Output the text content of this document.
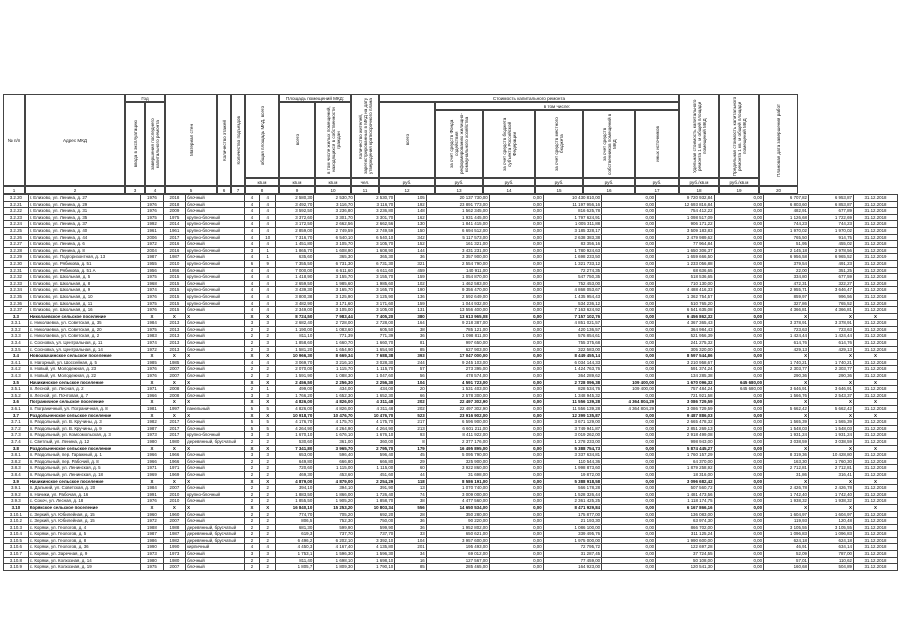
№ п/п	Адрес МКД
Год
ввода в эксплуатацию	завершения последнего капитального ремонта	Материал стен	Количество этажей Количество подъездов	общая площадь МКД, всего
Площадь помещений МКД:
всего	в том числе жилых помещений, находящихся в собственности граждан	Количество жителей, зарегистрированных в МКД на дату утверждения краткосрочного плана
Стоимость капитального ремонта
всего
в том числе:
за счет средств Фонда содействия реформированию жилищно-коммунального хозяйства	за счет средств бюджета субъекта Российской Федерации	за счет средств местного бюджета	за счет средств собственников помещений в МКД	иных источников	Удельная стоимость капитального ремонта 1 кв. м общей площади помещений МКД	Предельная стоимость капитального ремонта 1 кв. м общей площади помещений МКД	Плановая дата завершения работ
кв.м	кв.м	кв.м	чел.	руб.	руб.	руб.	руб.	руб.	руб.	руб./кв.м	руб./кв.м
1	2	3	4	5	6 7	8	9	10	11	12	13	14	15	16	17	18	19	20
3.2.20	г. Елизово, ул. Ленина, д. 27	1976	2018	блочный	4	4	2 580,30	2 530,70	2 530,70	105	20 137 730,00	0,00	10 430 810,00	0,00	9 720 932,84	0,00	6 707,82	6 953,87	31.12.2018
3.2.21	г. Елизово, ул. Ленина, д. 29	1976	2018	блочный	4	4	3 492,70	3 116,70	3 116,70	192	23 891 773,00	0,00	11 197 956,16	0,00	12 693 816,84	0,00	6 803,60	6 853,87	31.12.2018
3.2.22	г. Елизово, ул. Ленина, д. 31	1976	2009	блочный	4	4	3 592,50	3 236,80	3 236,80	148	1 562 345,00	0,00	816 625,78	0,00	754 412,22	0,00	482,91	677,89	31.12.2018
3.2.23	г. Елизово, ул. Ленина, д. 35	1975	1975	крупно-блочный	4	4	3 372,60	3 301,70	3 301,70	162	1 931 445,00	0,00	1 797 624,91	0,00	1 098 517,09	0,00	1 126,68	1 722,69	31.12.2018
3.2.24	г. Елизово, ул. Ленина, д. 37	1992	2014	крупно-блочный	4	4	3 172,50	2 662,56	2 662,56	130	1 841 415,00	0,00	1 005 311,88	0,00	906 171,22	0,00	744,23	744,23	31.12.2018
3.2.25	г. Елизово, ул. Ленина, д. 40	1961	1961	крупно-блочный	4	4	2 859,00	2 749,59	2 749,59	150	6 694 512,00	0,00	3 185 328,17	0,00	3 509 183,83	0,00	1 970,02	1 970,02	31.12.2018
3.2.26	г. Елизово, ул. Ленина, д. 44	2006	2017	крупно-блочный	4	10	7 316,70	6 540,10	6 540,10	342	5 117 573,00	0,00	2 638 383,38	0,00	2 479 989,62	0,00	765,50	914,75	31.12.2018
3.2.27	г. Елизово, ул. Ленина, д. 6	1972	2016	блочный	4	4	1 451,80	3 105,70	3 105,70	152	161 321,00	0,00	83 356,16	0,00	77 964,84	0,00	51,95	455,02	31.12.2018
3.2.28	г. Елизово, ул. Ленина, д. 8	2004	2016	крупно-блочный	3	1	1 865,70	1 608,90	1 608,90	144	3 431 231,00	0,00	1 780 924,63	0,00	1 650 306,37	0,00	2 145,18	2 978,56	31.12.2018
3.2.29	г. Елизово, ул. Подгоризонтная, д. 13	1987	1987	блочный	4	1	635,60	365,30	365,30	36	3 357 900,00	0,00	1 698 233,50	0,00	1 659 666,50	0,00	6 956,58	6 965,52	31.12.2019
3.2.30	г. Елизово, ул. Рябикова, д. 51	1955	2010	крупно-блочный	6	9	7 355,50	6 731,30	6 731,30	321	2 554 790,00	0,00	1 321 733,12	0,00	1 233 056,88	0,00	379,54	491,23	31.12.2018
3.2.31	г. Елизово, ул. Рябикова, д. 51 А	1956	1956	блочный	4	4	7 000,00	6 611,60	6 611,60	459	140 911,00	0,00	72 274,35	0,00	68 636,65	0,00	22,00	351,25	31.12.2018
3.2.32	г. Елизово, ул. Школьная, д. 5	1975	2015	крупно-блочный	4	4	1 418,90	3 155,70	3 155,70	159	1 054 870,00	0,00	547 750,35	0,00	518 536,65	0,00	334,80	677,59	31.12.2018
3.2.33	г. Елизово, ул. Школьная, д. 8	1968	2015	блочный	4	4	2 659,50	1 985,60	1 985,60	102	1 462 583,00	0,00	752 453,00	0,00	710 130,00	0,00	472,31	322,27	31.12.2018
3.2.34	г. Елизово, ул. Школьная, д. 9	1974	2015	крупно-блочный	4	4	3 439,30	3 165,70	3 165,70	190	9 356 470,00	0,00	4 868 053,67	0,00	4 488 416,33	0,00	2 955,71	3 646,47	31.12.2018
3.2.35	г. Елизово, ул. Школьная, д. 10	1976	2015	крупно-блочный	4	4	3 800,38	3 125,90	3 125,90	136	2 592 649,00	0,00	1 435 954,43	0,00	1 362 754,57	0,00	859,97	996,56	31.12.2018
3.2.36	г. Елизово, ул. Школьная, д. 11	1975	2015	крупно-блочный	4	4	3 482,90	3 171,60	3 171,60	159	1 044 932,00	0,00	534 236,12	0,00	510 765,20	0,00	327,86	765,52	31.12.2018
3.2.37	г. Елизово, ул. Школьная, д. 16	1976	2015	блочный	4	4	2 349,00	3 105,00	3 105,00	131	13 556 400,00	0,00	7 163 624,92	0,00	6 541 635,08	0,00	4 366,81	4 366,81	31.12.2018
3.3	Николаевское сельское поселение	X	X	X	X	X	8 724,50	7 983,44	7 405,20	380	13 613 965,08	0,00	7 157 102,76	0,00	6 456 862,32	0,00	X	X	X
3.3.1	с. Николаевка, ул. Советская, д. 35	1984	2013	блочный	3	3	2 682,40	2 728,00	2 728,00	164	9 218 387,00	0,00	4 851 021,57	0,00	4 367 365,43	0,00	3 378,91	3 378,91	31.12.2018
3.3.2	с. Николаевка, ул. Советская, д. 20	1975	2013	блочный	2	2	1 190,00	1 083,60	605,50	38	785 121,00	0,00	420 136,57	0,00	364 984,43	0,00	723,63	723,63	31.12.2018
3.3.3	с. Николаевка, ул. Советская, д. 2	1983	2013	блочный	2	2	811,10	771,39	771,39	36	1 098 811,00	0,00	576 854,61	0,00	521 956,39	0,00	1 424,44	1 424,44	31.12.2018
3.3.4	с. Сосновка, ул. Центральная, д. 11	1974	2013	блочный	2	3	1 858,60	1 660,70	1 660,70	81	997 650,00	0,00	755 375,68	0,00	241 275,32	0,00	614,76	614,76	31.12.2018
3.3.5	с. Сосновка, ул. Центральная, д. 14	1972	2013	блочный	2	3	1 581,20	1 654,90	1 654,90	85	627 903,00	0,00	322 583,00	0,00	305 320,00	0,00	429,13	429,13	31.12.2018
3.4	Новоавачинское сельское поселение	X	X	X	X	X	10 966,30	8 669,34	7 688,38	393	17 047 000,00	0,00	8 449 455,14	0,00	8 597 544,86	0,00	X	X	X
3.4.1	п. Нагорный, ул. Шоссейная, д. 5	1985	1985	блочный	4	4	3 069,70	3 216,10	3 028,30	244	9 245 103,00	0,00	6 034 144,33	0,00	3 210 958,67	0,00	1 740,21	1 740,21	31.12.2018
3.4.2	п. Новый, ул. Молодежная, д. 23	1976	2007	блочный	2	2	2 070,00	1 115,70	1 115,70	57	273 395,00	0,00	1 424 763,76	0,00	591 374,24	0,00	2 303,77	2 303,77	31.12.2018
3.4.3	п. Новый, ул. Молодежная, д. 22	1976	2007	блочный	2	2	1 591,90	1 088,30	1 047,60	56	478 574,00	0,00	364 289,62	0,00	134 285,38	0,00	290,36	290,36	31.12.2018
3.5	Начикинское сельское поселение	X	X	X	X	X	2 456,50	2 256,30	2 256,30	104	4 591 723,00	0,00	2 728 096,38	109 400,00	1 670 096,32	645 680,00	X	X	X
3.5.1	п. Лесной, ул. Лесная, д. 2	1971	2008	блочный	2	1	499,00	434,00	434,00	20	1 531 403,00	0,00	828 534,76	109 400,00	757 484,24	645 680,00	3 646,91	3 646,91	31.12.2018
3.5.2	п. Лесной, ул. Почтовая, д. 7	1966	2008	блочный	3	3	1 766,20	1 652,30	1 652,30	66	2 578 300,00	0,00	1 348 945,32	0,00	721 921,58	0,00	1 566,76	2 543,37	31.12.2018
3.6	Пограничное сельское поселение	X	X	X	X	X	4 826,00	4 826,00	4 311,48	202	22 497 302,90	0,00	11 556 139,28	4 364 804,29	3 086 729,59	0,00	X	X	X
3.6.1	п. Пограничный, ул. Пограничная, д. 8	1981	1997	панельный	5	5	4 826,00	4 826,00	4 311,48	202	22 497 302,90	0,00	11 556 139,28	4 364 804,29	3 086 729,59	0,00	5 662,42	5 662,42	31.12.2018
3.7	Раздольненское сельское поселение	X	X	X	X	X	10 918,70	10 476,70	10 476,70	523	23 916 902,00	0,00	12 399 135,87	0,00	9 487 886,03	0,00	X	X	X
3.7.1	п. Раздольный, ул. В. Кручины, д. 3	1982	2017	блочный	5	5	4 176,70	4 175,70	4 175,70	217	6 596 900,00	0,00	3 671 129,00	0,00	2 665 478,32	0,00	1 565,39	1 565,39	31.12.2018
3.7.2	п. Раздольный, ул. В. Кручины, д. 9	1987	2017	блочный	5	5	4 264,90	4 264,90	4 264,90	213	6 601 211,00	0,00	3 749 941,87	0,00	2 851 269,13	0,00	1 548,03	1 548,03	31.12.2018
3.7.3	п. Раздольный, ул. Комсомольская, д. 3	1973	2017	крупно-блочный	3	3	1 670,10	1 676,10	1 676,10	93	8 411 922,00	0,00	3 019 262,00	0,00	2 918 499,08	0,00	1 931,24	1 931,24	31.12.2018
3.7.4	с. Светлый, ул. Ленина, д. 12	1980	1980	деревянный, брусчатый	2	2	530,60	361,00	360,00	8	2 377 176,00	0,00	1 278 233,00	0,00	998 943,00	0,00	3 038,59	3 038,59	31.12.2018
3.8	Раздольненское сельское поселение	X	X	X	X	X	7 341,80	3 965,70	2 795,70	179	16 495 895,00	0,00	5 388 754,73	0,00	5 874 445,27	0,00	X	X	X
3.8.1	п. Раздольный, пер. Гаражный, д. 1	1966	1966	блочный	3	3	653,00	596,40	596,40	45	5 095 790,00	0,00	3 337 634,81	0,00	1 760 157,29	0,00	8 319,36	10 428,80	31.12.2018
3.8.2	п. Раздольный, пер. Рабочий, д. 8	1966	1966	блочный	2	2	649,80	666,80	666,80	29	325 900,00	0,00	110 544,36	0,00	64 370,00	0,00	163,30	1 760,30	31.12.2018
3.8.3	п. Раздольный, ул. Ленинская, д. 5	1971	1971	блочный	2	2	720,60	1 115,00	1 115,00	60	3 922 860,00	0,00	1 998 873,60	0,00	1 879 258,92	0,00	2 712,81	2 712,81	31.12.2018
3.8.4	п. Раздольный, ул. Ленинская, д. 18	1969	1969	блочный	2	2	469,30	453,60	451,60	44	31 698,00	0,00	19 872,00	0,00	18 316,00	0,00	31,86	316,41	31.12.2018
3.9	Начикинское сельское поселение	X	X	X	X	X	4 879,00	4 879,00	2 254,29	118	8 586 191,00	0,00	5 388 918,58	0,00	3 096 682,42	0,00	X	X	X
3.9.1	п. Дальний, ул. Советская, д. 20	1984	2007	блочный	2	2	394,10	394,10	391,90	13	1 070 740,00	0,00	566 178,28	0,00	507 560,72	0,00	2 426,78	2 426,78	31.12.2018
3.9.2	п. Начики, ул. Рабочая, д. 16	1991	2010	крупно-блочный	2	2	1 883,50	1 866,00	1 726,40	74	3 009 000,00	0,00	1 528 326,44	0,00	1 481 473,56	0,00	1 742,40	1 742,40	31.12.2018
3.9.3	с. Сокоч, ул. Лесная, д. 18	1976	2010	блочный	2	2	1 855,50	1 905,20	1 858,70	38	4 477 560,00	0,00	2 361 425,25	0,00	1 118 174,75	0,00	1 938,32	1 938,32	31.12.2018
3.10	Корякское сельское поселение	X	X	X	X	X	16 840,10	15 253,20	10 803,34	556	14 650 534,00	0,00	8 471 929,84	0,00	6 167 866,16	0,00	X	X	X
3.10.1	с. Зеркий, ул. Юбилейная, д. 15	1960	1960	блочный	2	2	774,70	705,20	692,20	28	350 280,00	0,00	175 877,00	0,00	136 083,00	0,00	1 604,97	1 604,97	31.12.2018
3.10.2	с. Зеркий, ул. Юбилейная, д. 15	1972	2007	блочный	2	2	806,5	752,30	750,00	36	90 220,00	0,00	21 193,30	0,00	63 974,30	0,00	119,93	120,48	31.12.2018
3.10.3	с. Коряки, ул. Геологов, д. 4	1988	1988	деревянный, брусчатый	2	2	681,30	599,90	599,90	36	1 952 802,00	0,00	1 086 100,00	0,00	866 702,00	0,00	3 105,55	3 105,55	31.12.2018
3.10.4	с. Коряки, ул. Геологов, д. 5	1987	1987	деревянный, брусчатый	2	2	619,3	737,70	737,70	33	650 621,00	0,00	339 495,76	0,00	311 125,24	0,00	1 096,83	1 096,83	31.12.2018
3.10.5	с. Коряки, ул. Геологов, д. 8	1986	1982	деревянный, брусчатый	2	2	6 496,2	6 202,10	3 392,10	104	3 957 600,00	0,00	1 975 000,00	0,00	1 990 600,00	0,00	624,18	624,18	31.12.2018
3.10.6	с. Коряки, ул. Геологов, д. 36	1990	1990	кирпичный	4	4	4 450,3	4 167,40	4 135,80	201	195 493,00	0,00	72 795,72	0,00	122 697,28	0,00	46,91	634,14	31.12.2018
3.10.7	с. Коряки, ул. Заречная, д. 9	1973	1973	блочный	3	3	1 753,1	1 596,30	1 596,30	34	69 012,00	0,00	31 287,45	0,00	37 724,55	0,00	52,09	787,00	31.12.2018
3.10.8	с. Коряки, ул. Колхозная, д. 14	1980	1980	блочный	2	2	811,40	1 698,10	1 698,10	16	127 567,00	0,00	77 459,00	0,00	50 108,00	0,00	57,01	110,62	31.12.2018
3.10.9	с. Коряки, ул. Колхозная, д. 19	1975	2007	блочный	2	2	1 805,7	1 809,30	1 790,10	85	285 465,00	0,00	164 923,00	0,00	120 541,30	0,00	160,68	504,89	31.12.2018
